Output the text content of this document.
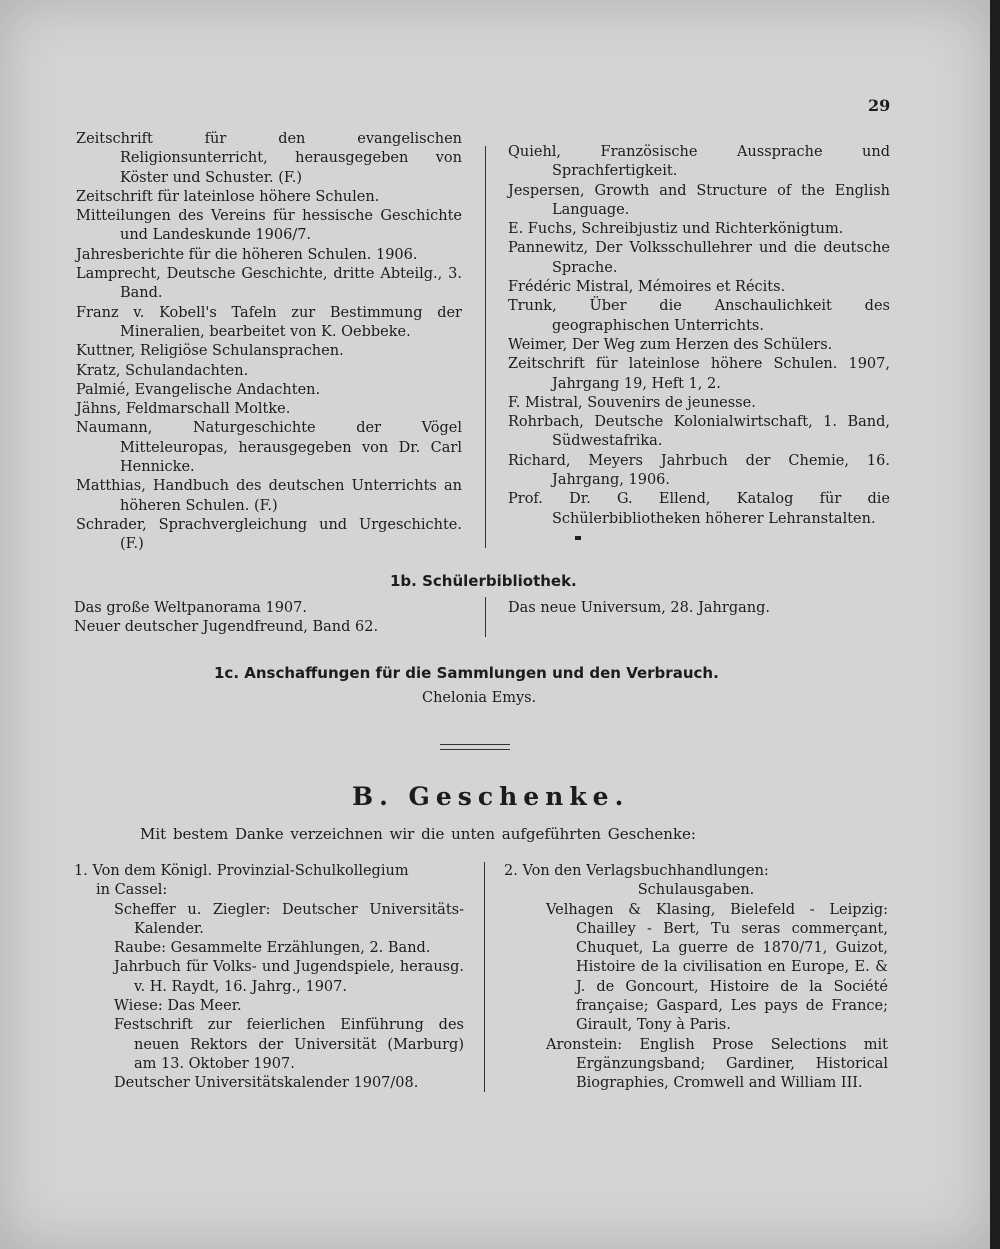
29

Zeitschrift für den evangelischen Religionsunterricht, herausgegeben von Köster und Schuster. (F.)

Zeitschrift für lateinlose höhere Schulen.

Mitteilungen des Vereins für hessische Geschichte und Landeskunde 1906/7.

Jahresberichte für die höheren Schulen. 1906.

Lamprecht, Deutsche Geschichte, dritte Abteilg., 3. Band.

Franz v. Kobell's Tafeln zur Bestimmung der Mineralien, bearbeitet von K. Oebbeke.

Kuttner, Religiöse Schulansprachen.

Kratz, Schulandachten.

Palmié, Evangelische Andachten.

Jähns, Feldmarschall Moltke.

Naumann, Naturgeschichte der Vögel Mitteleuropas, herausgegeben von Dr. Carl Hennicke.

Matthias, Handbuch des deutschen Unterrichts an höheren Schulen. (F.)

Schrader, Sprachvergleichung und Urgeschichte. (F.)

Quiehl, Französische Aussprache und Sprachfertigkeit.

Jespersen, Growth and Structure of the English Language.

E. Fuchs, Schreibjustiz und Richterkönigtum.

Pannewitz, Der Volksschullehrer und die deutsche Sprache.

Frédéric Mistral, Mémoires et Récits.

Trunk, Über die Anschaulichkeit des geographischen Unterrichts.

Weimer, Der Weg zum Herzen des Schülers.

Zeitschrift für lateinlose höhere Schulen. 1907, Jahrgang 19, Heft 1, 2.

F. Mistral, Souvenirs de jeunesse.

Rohrbach, Deutsche Kolonialwirtschaft, 1. Band, Südwestafrika.

Richard, Meyers Jahrbuch der Chemie, 16. Jahrgang, 1906.

Prof. Dr. G. Ellend, Katalog für die Schülerbibliotheken höherer Lehranstalten.

1b. Schülerbibliothek.

Das große Weltpanorama 1907.

Neuer deutscher Jugendfreund, Band 62.

Das neue Universum, 28. Jahrgang.

1c. Anschaffungen für die Sammlungen und den Verbrauch.
Chelonia Emys.
B. Geschenke.
Mit bestem Danke verzeichnen wir die unten aufgeführten Geschenke:
1. Von dem Königl. Provinzial-Schulkollegium
in Cassel:

Scheffer u. Ziegler: Deutscher Universitäts-Kalender.

Raube: Gesammelte Erzählungen, 2. Band.

Jahrbuch für Volks- und Jugendspiele, herausg. v. H. Raydt, 16. Jahrg., 1907.

Wiese: Das Meer.

Festschrift zur feierlichen Einführung des neuen Rektors der Universität (Marburg) am 13. Oktober 1907.

Deutscher Universitätskalender 1907/08.

2. Von den Verlagsbuchhandlungen:
Schulausgaben.

Velhagen & Klasing, Bielefeld - Leipzig: Chailley - Bert, Tu seras commerçant, Chuquet, La guerre de 1870/71, Guizot, Histoire de la civilisation en Europe, E. & J. de Goncourt, Histoire de la Société française; Gaspard, Les pays de France; Girault, Tony à Paris.

Aronstein: English Prose Selections mit Ergänzungsband; Gardiner, Historical Biographies, Cromwell and William III.
